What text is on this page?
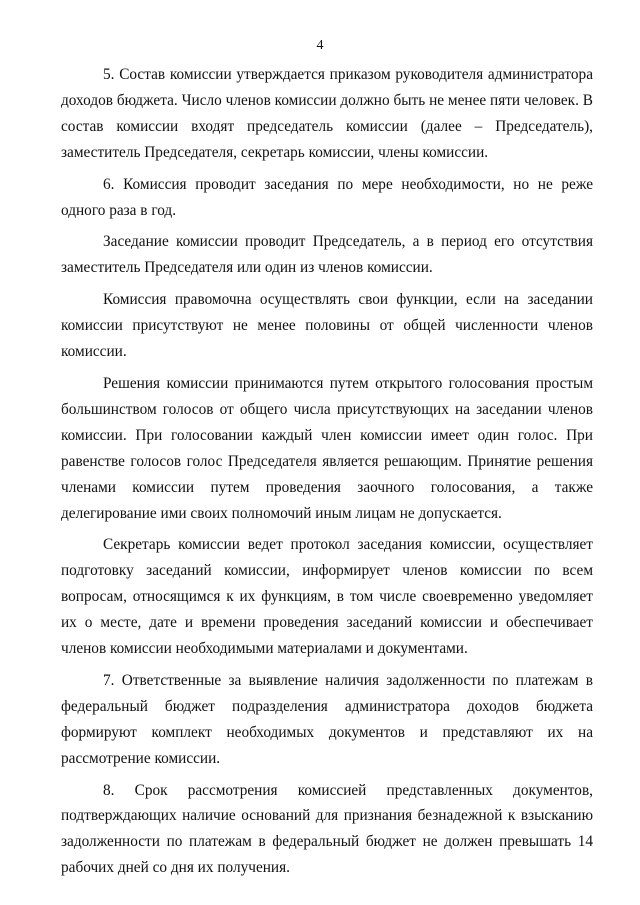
4

5. Состав комиссии утверждается приказом руководителя администратора доходов бюджета. Число членов комиссии должно быть не менее пяти человек. В состав комиссии входят председатель комиссии (далее – Председатель), заместитель Председателя, секретарь комиссии, члены комиссии.

6. Комиссия проводит заседания по мере необходимости, но не реже одного раза в год.

Заседание комиссии проводит Председатель, а в период его отсутствия заместитель Председателя или один из членов комиссии.

Комиссия правомочна осуществлять свои функции, если на заседании комиссии присутствуют не менее половины от общей численности членов комиссии.

Решения комиссии принимаются путем открытого голосования простым большинством голосов от общего числа присутствующих на заседании членов комиссии. При голосовании каждый член комиссии имеет один голос. При равенстве голосов голос Председателя является решающим. Принятие решения членами комиссии путем проведения заочного голосования, а также делегирование ими своих полномочий иным лицам не допускается.

Секретарь комиссии ведет протокол заседания комиссии, осуществляет подготовку заседаний комиссии, информирует членов комиссии по всем вопросам, относящимся к их функциям, в том числе своевременно уведомляет их о месте, дате и времени проведения заседаний комиссии и обеспечивает членов комиссии необходимыми материалами и документами.

7. Ответственные за выявление наличия задолженности по платежам в федеральный бюджет подразделения администратора доходов бюджета формируют комплект необходимых документов и представляют их на рассмотрение комиссии.

8. Срок рассмотрения комиссией представленных документов, подтверждающих наличие оснований для признания безнадежной к взысканию задолженности по платежам в федеральный бюджет не должен превышать 14 рабочих дней со дня их получения.
